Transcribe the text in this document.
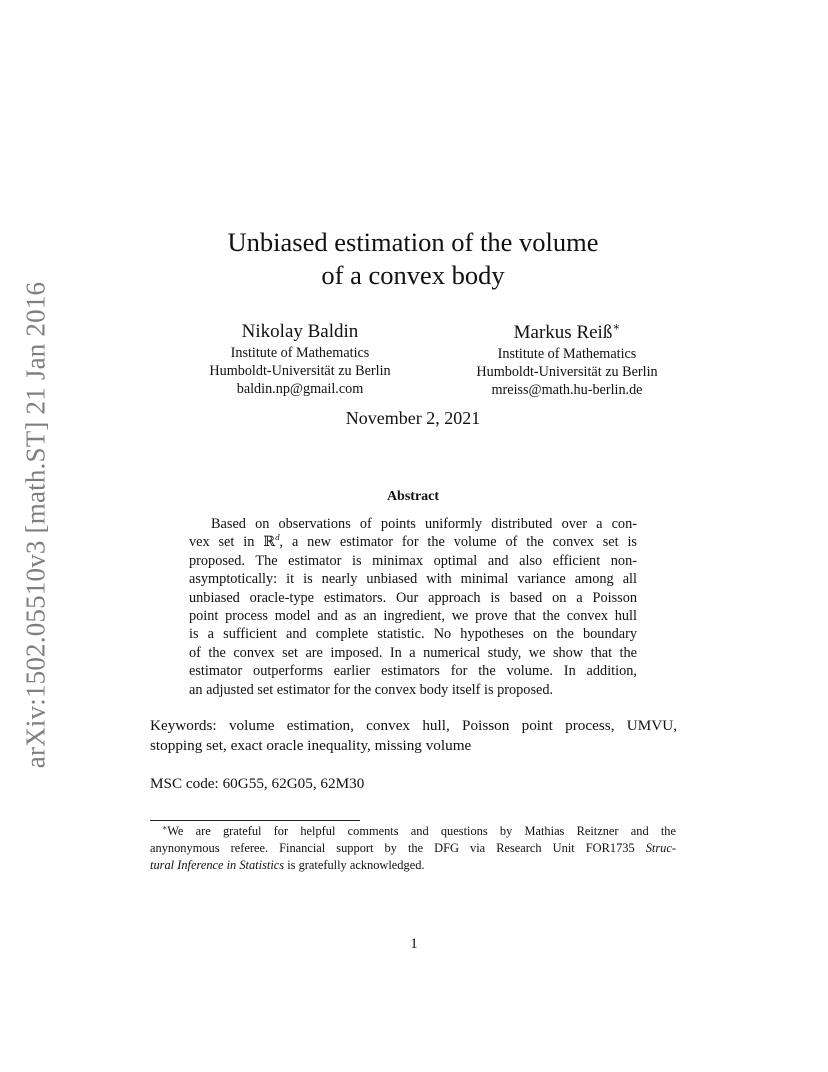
arXiv:1502.05510v3 [math.ST] 21 Jan 2016
Unbiased estimation of the volume
of a convex body
Nikolay Baldin
Institute of Mathematics
Humboldt-Universität zu Berlin
baldin.np@gmail.com
Markus Reiß∗
Institute of Mathematics
Humboldt-Universität zu Berlin
mreiss@math.hu-berlin.de
November 2, 2021
Abstract
Based on observations of points uniformly distributed over a con-
vex set in ℝ$^d$, a new estimator for the volume of the convex set is
proposed. The estimator is minimax optimal and also efficient non-
asymptotically: it is nearly unbiased with minimal variance among all
unbiased oracle-type estimators. Our approach is based on a Poisson
point process model and as an ingredient, we prove that the convex hull
is a sufficient and complete statistic. No hypotheses on the boundary
of the convex set are imposed. In a numerical study, we show that the
estimator outperforms earlier estimators for the volume. In addition,
an adjusted set estimator for the convex body itself is proposed.
Keywords: volume estimation, convex hull, Poisson point process, UMVU,
stopping set, exact oracle inequality, missing volume
MSC code: 60G55, 62G05, 62M30
∗We are grateful for helpful comments and questions by Mathias Reitzner and the
anynonymous referee. Financial support by the DFG via Research Unit FOR1735 Struc-
tural Inference in Statistics is gratefully acknowledged.
1
